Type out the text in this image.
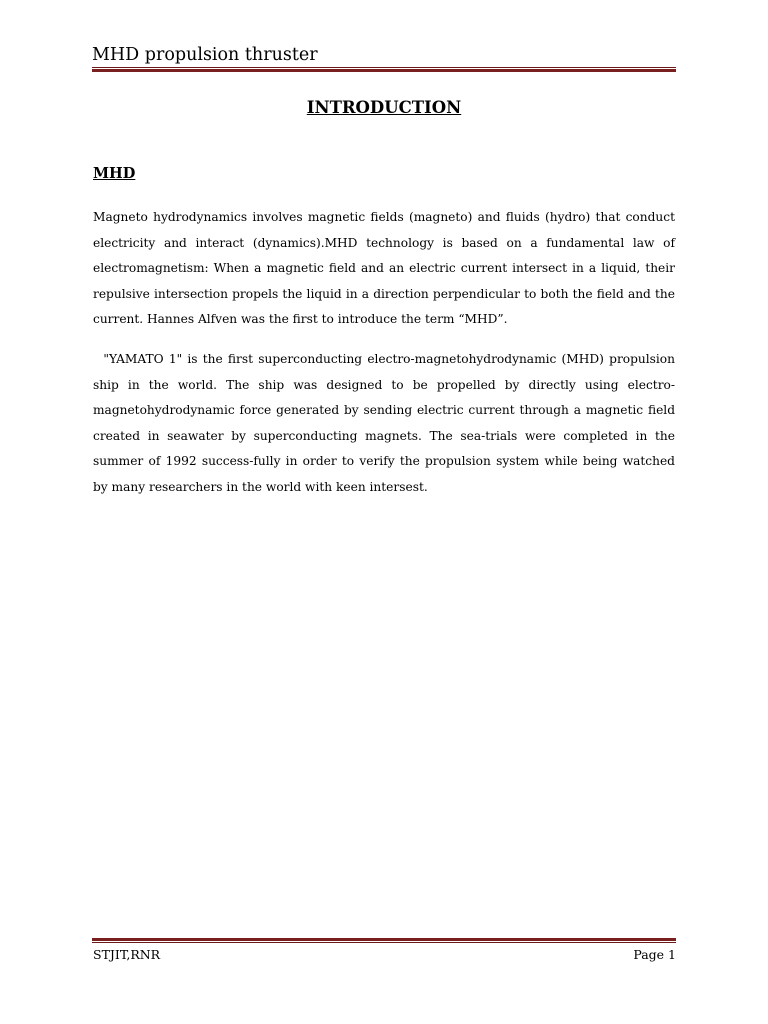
MHD propulsion thruster
INTRODUCTION
MHD

Magneto hydrodynamics involves magnetic fields (magneto) and fluids (hydro) that conduct electricity and interact (dynamics).MHD technology is based on a fundamental law of electromagnetism: When a magnetic field and an electric current intersect in a liquid, their repulsive intersection propels the liquid in a direction perpendicular to both the field and the current. Hannes Alfven was the first to introduce the term “MHD”.

"YAMATO 1" is the first superconducting electro-magnetohydrodynamic (MHD) propulsion ship in the world. The ship was designed to be propelled by directly using electro-magnetohydrodynamic force generated by sending electric current through a magnetic field created in seawater by superconducting magnets. The sea-trials were completed in the summer of 1992 success-fully in order to verify the propulsion system while being watched by many researchers in the world with keen intersest.

STJIT,RNR	Page 1
